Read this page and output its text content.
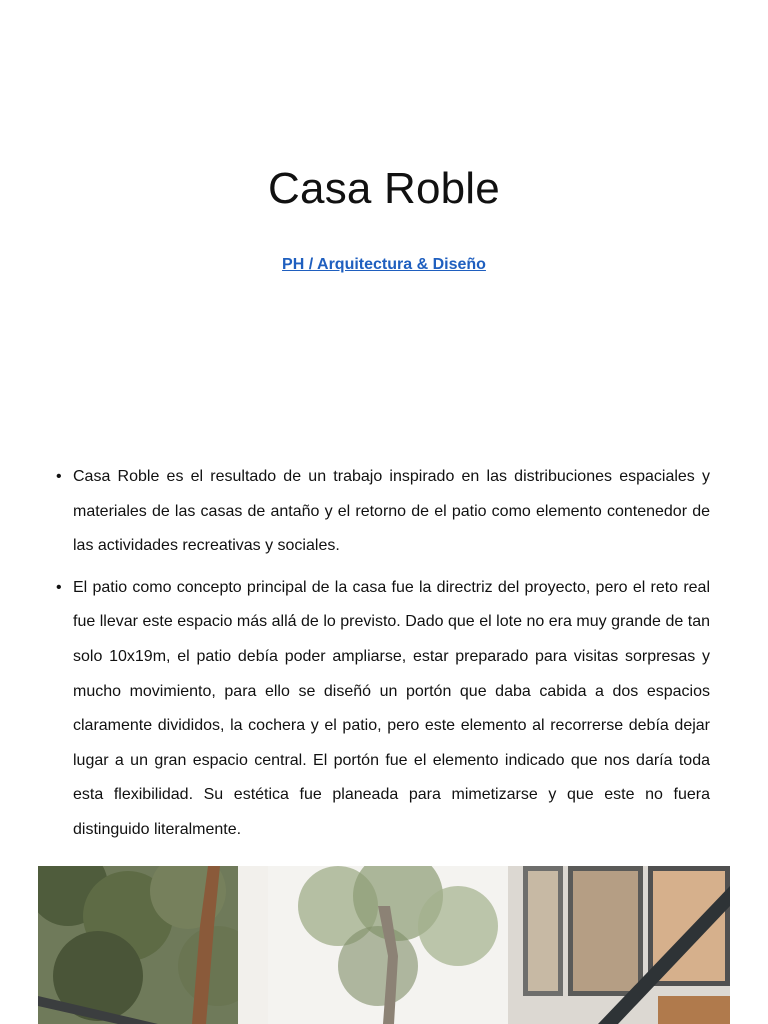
Casa Roble
PH / Arquitectura & Diseño
• Casa Roble es el resultado de un trabajo inspirado en las distribuciones espaciales y materiales de las casas de antaño y el retorno de el patio como elemento contenedor de las actividades recreativas y sociales.
• El patio como concepto principal de la casa fue la directriz del proyecto, pero el reto real fue llevar este espacio más allá́ de lo previsto. Dado que el lote no era muy grande de tan solo 10x19m, el patio debía poder ampliarse, estar preparado para visitas sorpresas y mucho movimiento, para ello se diseñó un portón que daba cabida a dos espacios claramente divididos, la cochera y el patio, pero este elemento al recorrerse debía dejar lugar a un gran espacio central. El portón fue el elemento indicado que nos daría toda esta flexibilidad. Su estética fue planeada para mimetizarse y que este no fuera distinguido literalmente.
